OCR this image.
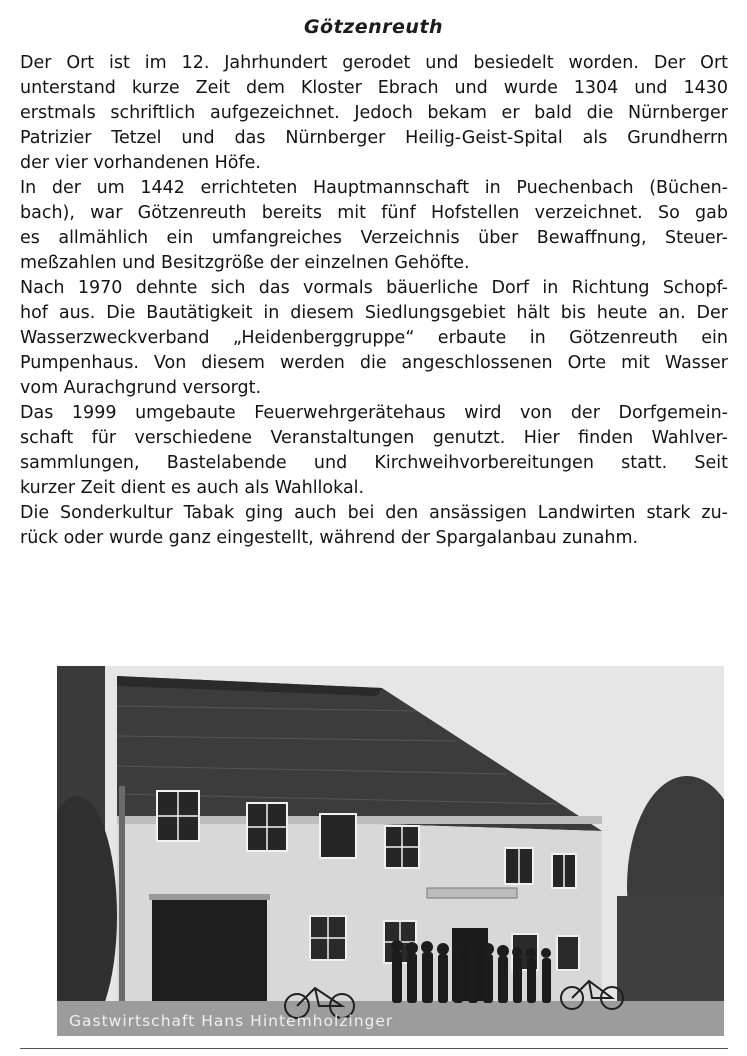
Götzenreuth
Der Ort ist im 12. Jahrhundert gerodet und besiedelt worden. Der Ort
unterstand kurze Zeit dem Kloster Ebrach und wurde 1304 und 1430
erstmals schriftlich aufgezeichnet. Jedoch bekam er bald die Nürnberger
Patrizier Tetzel und das Nürnberger Heilig-Geist-Spital als Grundherrn
der vier vorhandenen Höfe.
In der um 1442 errichteten Hauptmannschaft in Puechenbach (Büchen-
bach), war Götzenreuth bereits mit fünf Hofstellen verzeichnet. So gab
es allmählich ein umfangreiches Verzeichnis über Bewaffnung, Steuer-
meßzahlen und Besitzgröße der einzelnen Gehöfte.
Nach 1970 dehnte sich das vormals bäuerliche Dorf in Richtung Schopf-
hof aus. Die Bautätigkeit in diesem Siedlungsgebiet hält bis heute an. Der
Wasserzweckverband „Heidenberggruppe“ erbaute in Götzenreuth ein
Pumpenhaus. Von diesem werden die angeschlossenen Orte mit Wasser
vom Aurachgrund versorgt.
Das 1999 umgebaute Feuerwehrgerätehaus wird von der Dorfgemein-
schaft für verschiedene Veranstaltungen genutzt. Hier finden Wahlver-
sammlungen, Bastelabende und Kirchweihvorbereitungen statt. Seit
kurzer Zeit dient es auch als Wahllokal.
Die Sonderkultur Tabak ging auch bei den ansässigen Landwirten stark zu-
rück oder wurde ganz eingestellt, während der Spargalanbau zunahm.
Gastwirtschaft Hans Hintemholzinger
